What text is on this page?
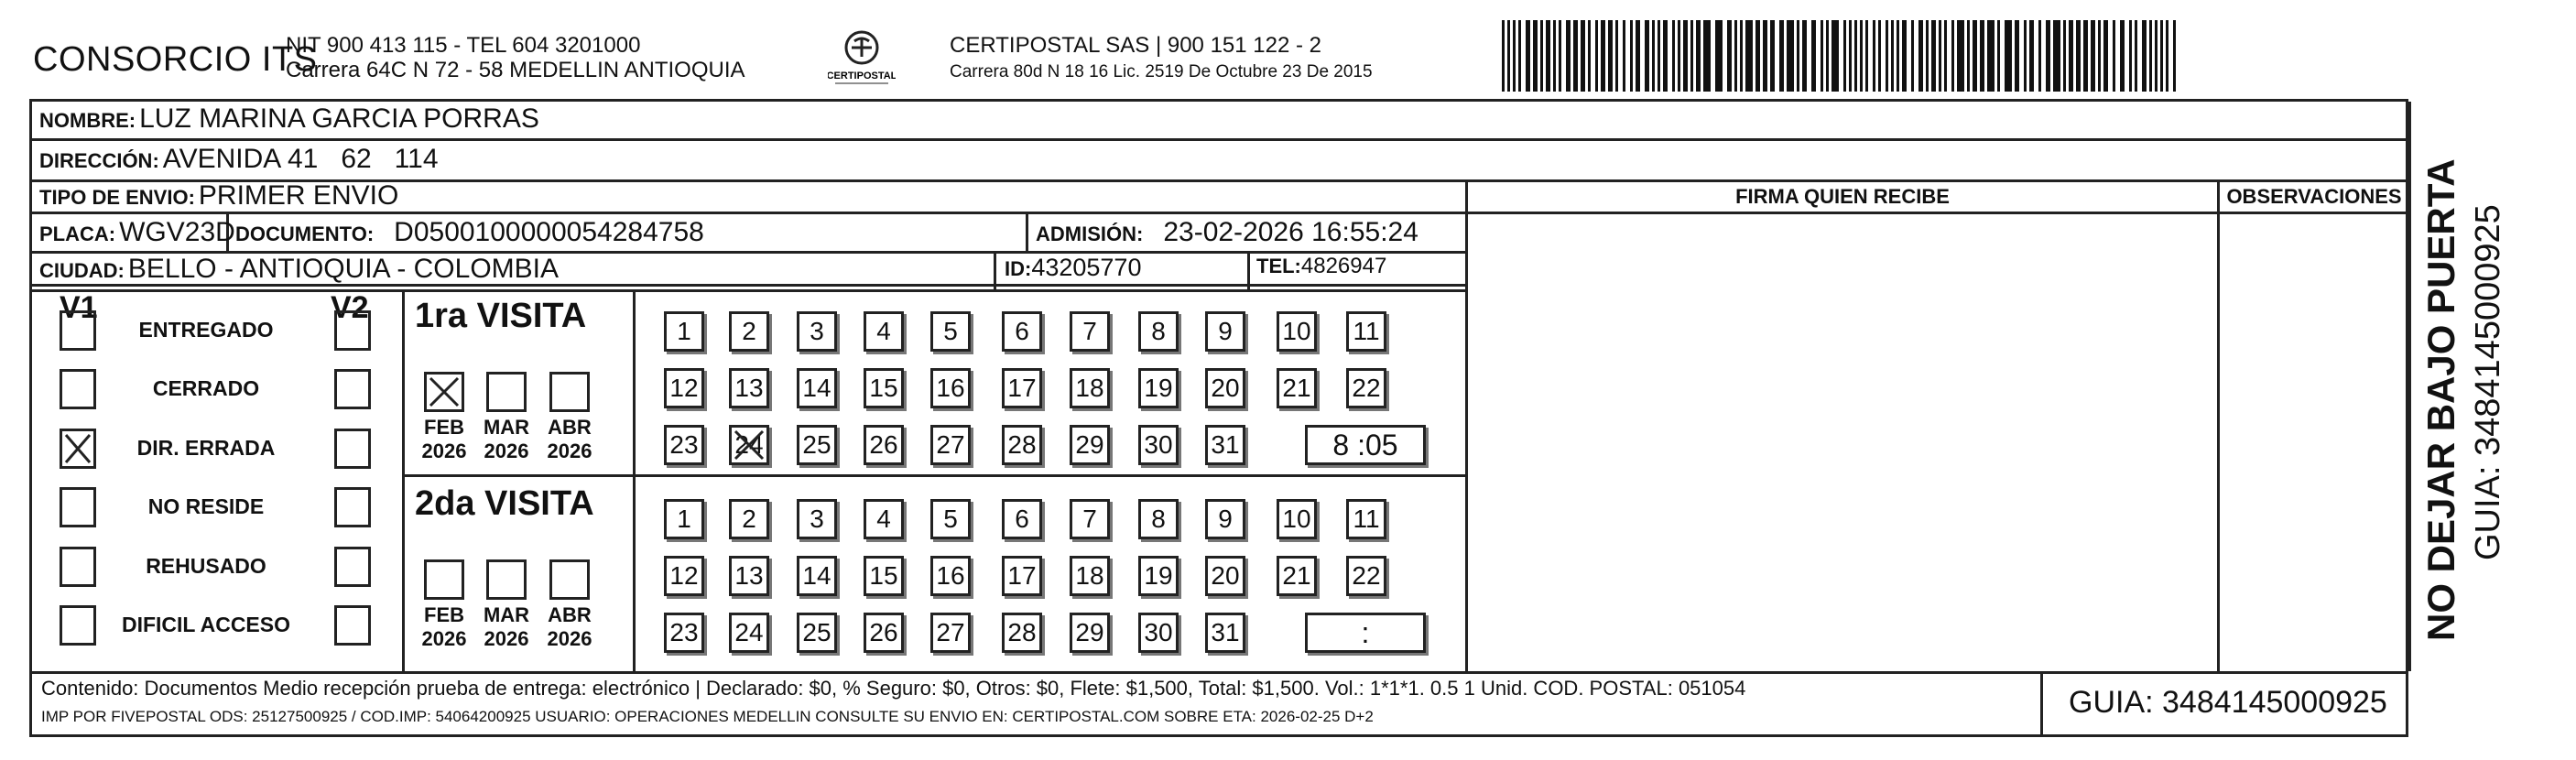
CONSORCIO ITS
NIT 900 413 115 - TEL 604 3201000
Carrera 64C N 72 - 58 MEDELLIN ANTIOQUIA	CERTIPOSTAL
CERTIPOSTAL SAS | 900 151 122 - 2
Carrera 80d N 18 16 Lic. 2519 De Octubre 23 De 2015
NOMBRE: LUZ MARINA GARCIA PORRAS
DIRECCIÓN: AVENIDA 41   62   114
TIPO DE ENVIO: PRIMER ENVIO
PLACA: WGV23D DOCUMENTO: D0500100000054284758	ADMISIÓN: 23-02-2026 16:55:24
CIUDAD: BELLO - ANTIOQUIA - COLOMBIA	ID: 43205770	TEL: 4826947
FIRMA QUIEN RECIBE	OBSERVACIONES
V1	V2
ENTREGADO
CERRADO
DIR. ERRADA
NO RESIDE
REHUSADO
DIFICIL ACCESO
1ra VISITA
FEB
2026
MAR
2026
ABR
2026
1	2	3	4	5	6	7	8	9	10 11
12 13 14 15 16 17 18 19 20 21 22
23 24 25 26 27 28 29 30 31	8 :05
2da VISITA
FEB
2026
MAR
2026
ABR
2026
1	2	3	4	5	6	7	8	9	10 11
12 13 14 15 16 17 18 19 20 21 22
23 24 25 26 27 28 29 30 31	:
Contenido: Documentos Medio recepción prueba de entrega: electrónico | Declarado: $0, % Seguro: $0, Otros: $0, Flete: $1,500, Total: $1,500. Vol.: 1*1*1. 0.5 1 Unid. COD. POSTAL: 051054
IMP POR FIVEPOSTAL ODS: 25127500925 / COD.IMP: 54064200925 USUARIO: OPERACIONES MEDELLIN CONSULTE SU ENVIO EN: CERTIPOSTAL.COM SOBRE ETA: 2026-02-25 D+2	GUIA: 3484145000925
NO DEJAR BAJO PUERTA GUIA: 3484145000925
